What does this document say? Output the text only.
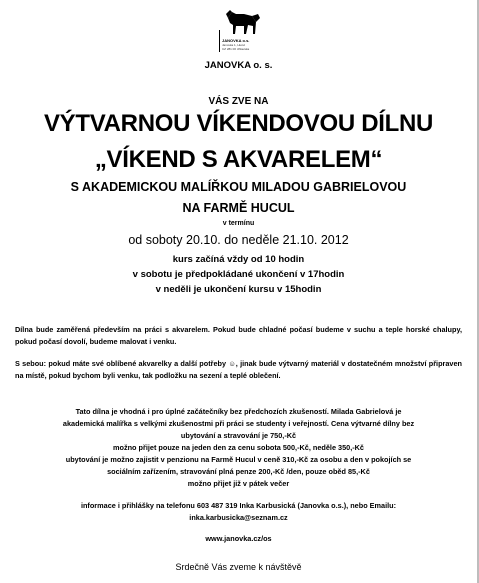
JANOVKA o.s.
Janovka 1, Hucul
CZ 281 00 Jihlavska
JANOVKA o. s.
VÁS ZVE NA
VÝTVARNOU VÍKENDOVOU DÍLNU
„VÍKEND S AKVARELEM“
S AKADEMICKOU MALÍŘKOU MILADOU GABRIELOVOU
NA FARMĚ HUCUL
v termínu
od soboty 20.10. do neděle 21.10. 2012
kurs začíná vždy od 10 hodin
v sobotu je předpokládané ukončení v 17hodin
v neděli je ukončení kursu v 15hodin
Dílna bude zaměřená především na práci s akvarelem. Pokud bude chladné počasí budeme v suchu a teple horské chalupy, pokud počasí dovolí, budeme malovat i venku.
S sebou: pokud máte své oblíbené akvarelky a další potřeby ☺, jinak bude výtvarný materiál v dostatečném množství připraven na místě, pokud bychom byli venku, tak podložku na sezení a teplé oblečení.
Tato dílna je vhodná i pro úplné začátečníky bez předchozích zkušeností. Milada Gabrielová je
akademická malířka s velkými zkušenostmi při práci se studenty i veřejností. Cena výtvarné dílny bez
ubytování a stravování je 750,-Kč
možno přijet pouze na jeden den za cenu sobota 500,-Kč, neděle 350,-Kč
ubytování je možno zajistit v penzionu na Farmě Hucul v ceně 310,-Kč za osobu a den v pokojích se
sociálním zařízením, stravování plná penze 200,-Kč /den, pouze oběd 85,-Kč
možno přijet již v pátek večer
informace i přihlášky na telefonu 603 487 319 Inka Karbusická (Janovka o.s.), nebo Emailu:
inka.karbusicka@seznam.cz
www.janovka.cz/os
Srdečně Vás zveme k návštěvě
